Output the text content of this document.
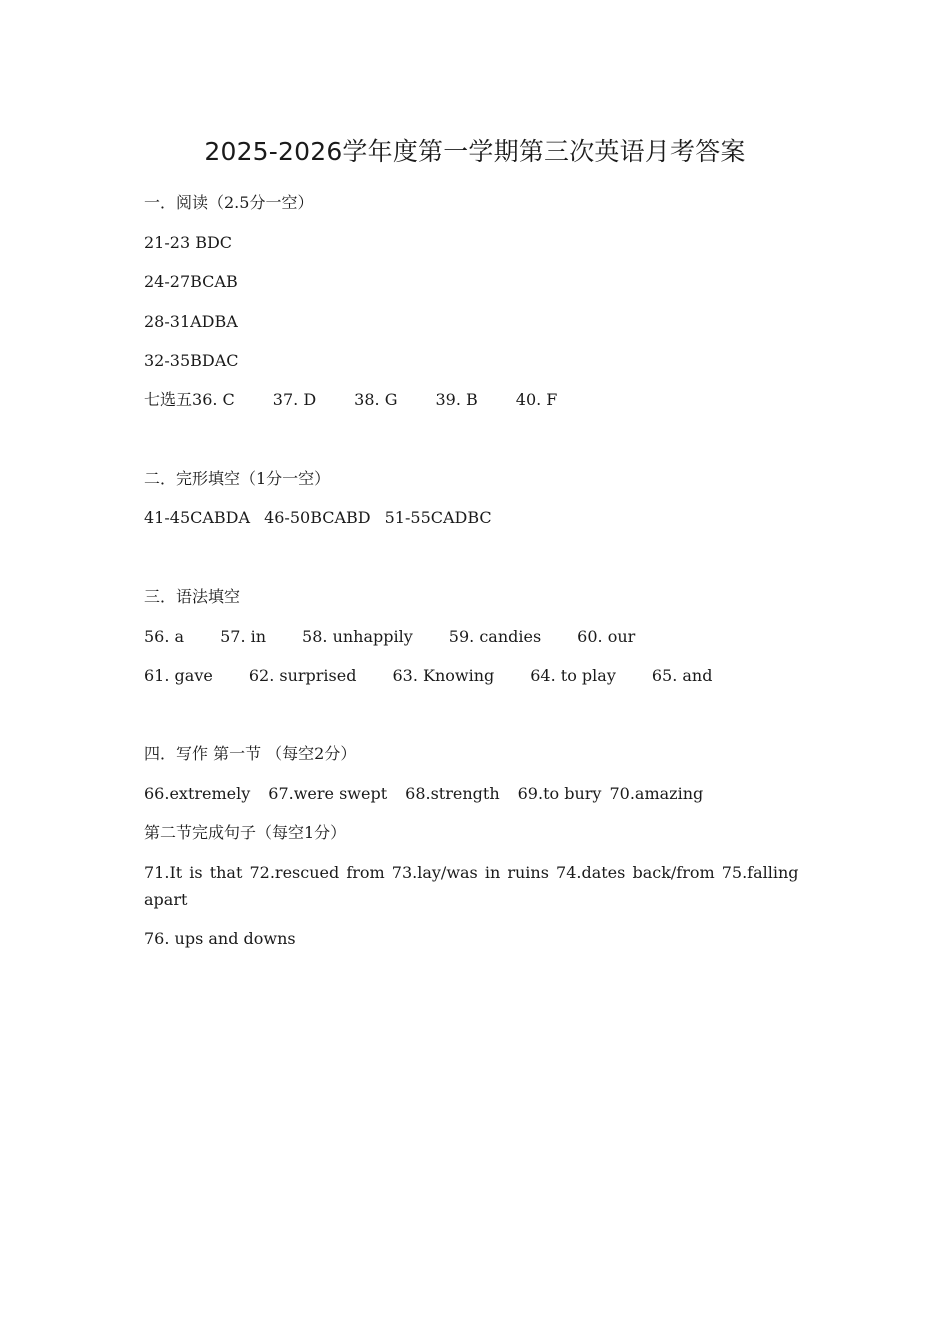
2025-2026学年度第一学期第三次英语月考答案
一．阅读（2.5分一空）
21-23 BDC
24-27BCAB
28-31ADBA
32-35BDAC
七选五36. C 37. D 38. G 39. B 40. F
二．完形填空（1分一空）
41-45CABDA 46-50BCABD 51-55CADBC
三．语法填空
56. a 57. in 58. unhappily 59. candies 60. our
61. gave 62. surprised 63. Knowing 64. to play 65. and
四．写作 第一节 （每空2分）
66.extremely 67.were swept 68.strength 69.to bury 70.amazing
第二节完成句子（每空1分）
71.It is that 72.rescued from 73.lay/was in ruins 74.dates back/from 75.falling apart
76. ups and downs
